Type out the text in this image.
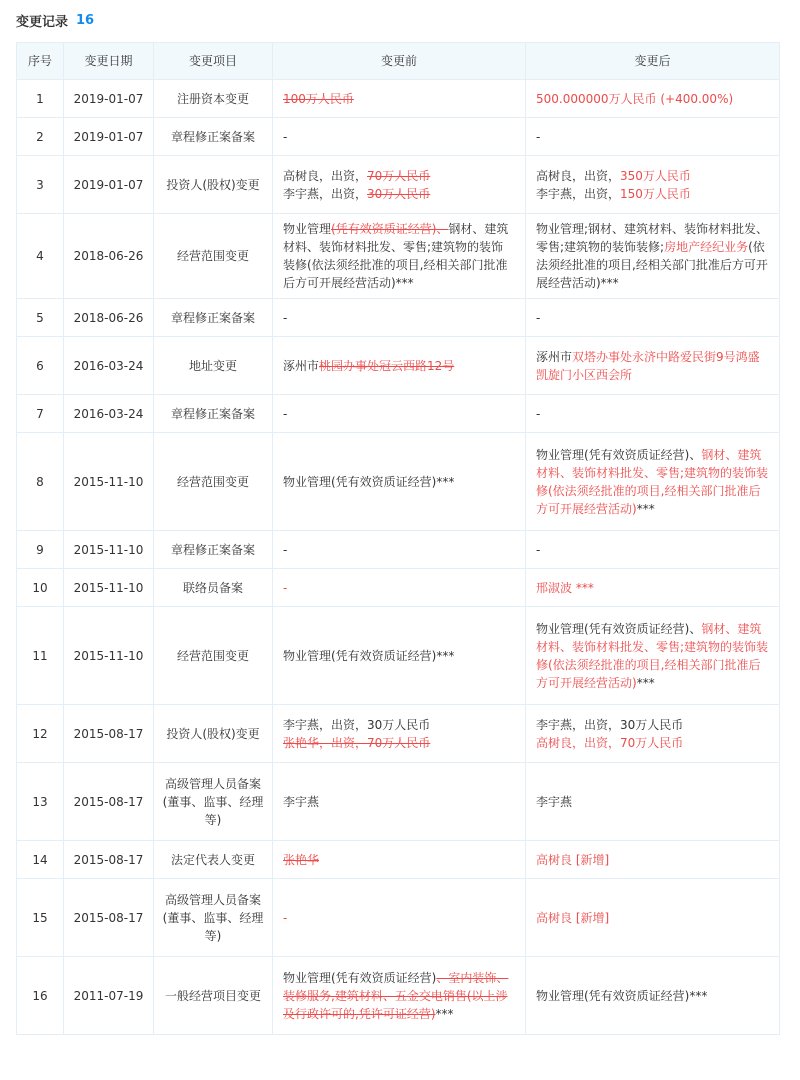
变更记录 16
序号	变更日期	变更项目	变更前	变更后
1	2019-01-07	注册资本变更	100万人民币	500.000000万人民币 (+400.00%)

2	2019-01-07	章程修正案备案	-	-

3	2019-01-07	投资人(股权)变更	高树良，出资，70万人民币
李宇燕，出资，30万人民币	高树良，出资，350万人民币
李宇燕，出资，150万人民币

4	2018-06-26	经营范围变更	物业管理(凭有效资质证经营)、钢材、建筑材料、装饰材料批发、零售;建筑物的装饰装修(依法须经批准的项目,经相关部门批准后方可开展经营活动)***	物业管理;钢材、建筑材料、装饰材料批发、零售;建筑物的装饰装修;房地产经纪业务(依法须经批准的项目,经相关部门批准后方可开展经营活动)***

5	2018-06-26	章程修正案备案	-	-

6	2016-03-24	地址变更	涿州市桃园办事处冠云西路12号	涿州市双塔办事处永济中路爱民街9号鸿盛凯旋门小区西会所

7	2016-03-24	章程修正案备案	-	-

8	2015-11-10	经营范围变更	物业管理(凭有效资质证经营)***	物业管理(凭有效资质证经营)、钢材、建筑材料、装饰材料批发、零售;建筑物的装饰装修(依法须经批准的项目,经相关部门批准后方可开展经营活动)***

9	2015-11-10	章程修正案备案	-	-

10	2015-11-10	联络员备案	-	邢淑波 ***

11	2015-11-10	经营范围变更	物业管理(凭有效资质证经营)***	物业管理(凭有效资质证经营)、钢材、建筑材料、装饰材料批发、零售;建筑物的装饰装修(依法须经批准的项目,经相关部门批准后方可开展经营活动)***

12	2015-08-17	投资人(股权)变更	李宇燕，出资，30万人民币
张艳华，出资，70万人民币	李宇燕，出资，30万人民币
高树良，出资，70万人民币

13	2015-08-17	高级管理人员备案(董事、监事、经理等)	李宇燕	李宇燕

14	2015-08-17	法定代表人变更	张艳华	高树良 [新增]

15	2015-08-17	高级管理人员备案(董事、监事、经理等)	-	高树良 [新增]

16	2011-07-19	一般经营项目变更	物业管理(凭有效资质证经营)、室内装饰、装修服务,建筑材料、五金交电销售(以上涉及行政许可的,凭许可证经营)***	物业管理(凭有效资质证经营)***
